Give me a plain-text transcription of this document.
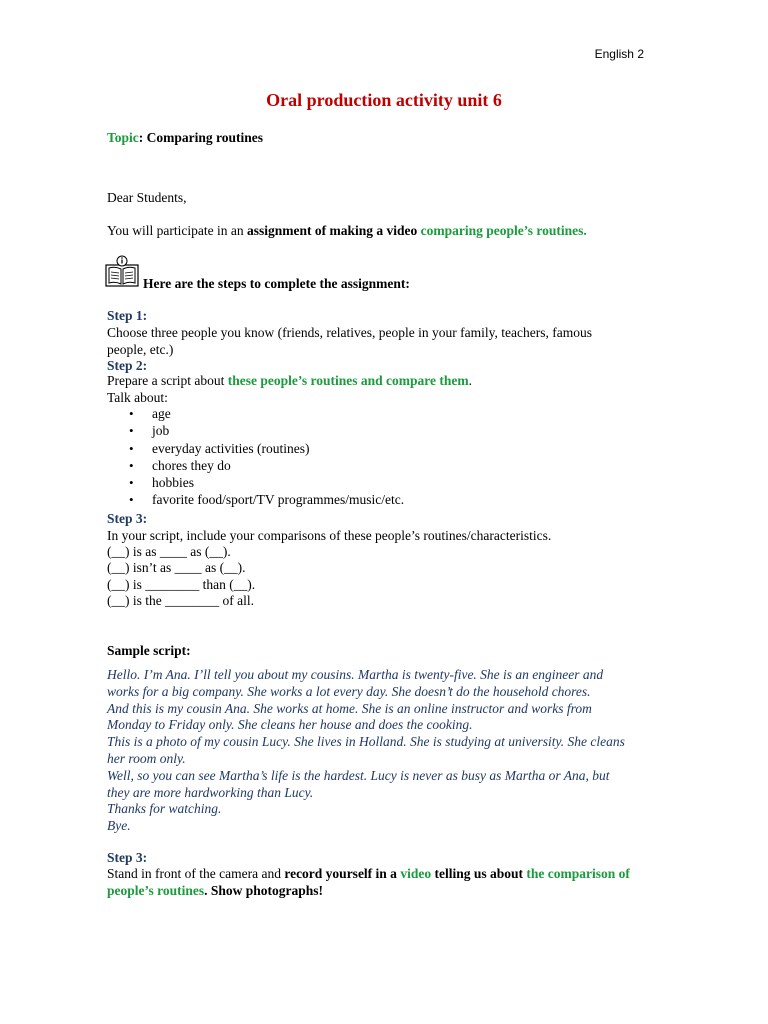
English 2
Oral production activity unit 6
Topic: Comparing routines
Dear Students,
You will participate in an assignment of making a video comparing people’s routines.
Here are the steps to complete the assignment:
Step 1:
Choose three people you know (friends, relatives, people in your family, teachers, famous
people, etc.)
Step 2:
Prepare a script about these people’s routines and compare them.
Talk about:
• age
• job
• everyday activities (routines)
• chores they do
• hobbies
• favorite food/sport/TV programmes/music/etc.
Step 3:
In your script, include your comparisons of these people’s routines/characteristics.
(__) is as ____ as (__).
(__) isn’t as ____ as (__).
(__) is ________ than (__).
(__) is the ________ of all.
Sample script:

Hello. I’m Ana. I’ll tell you about my cousins. Martha is twenty-five. She is an engineer and

works for a big company. She works a lot every day. She doesn’t do the household chores.

And this is my cousin Ana. She works at home. She is an online instructor and works from

Monday to Friday only. She cleans her house and does the cooking.

This is a photo of my cousin Lucy. She lives in Holland. She is studying at university. She cleans

her room only.

Well, so you can see Martha’s life is the hardest. Lucy is never as busy as Martha or Ana, but

they are more hardworking than Lucy.

Thanks for watching.

Bye.

Step 3:
Stand in front of the camera and record yourself in a video telling us about the comparison of
people’s routines. Show photographs!
